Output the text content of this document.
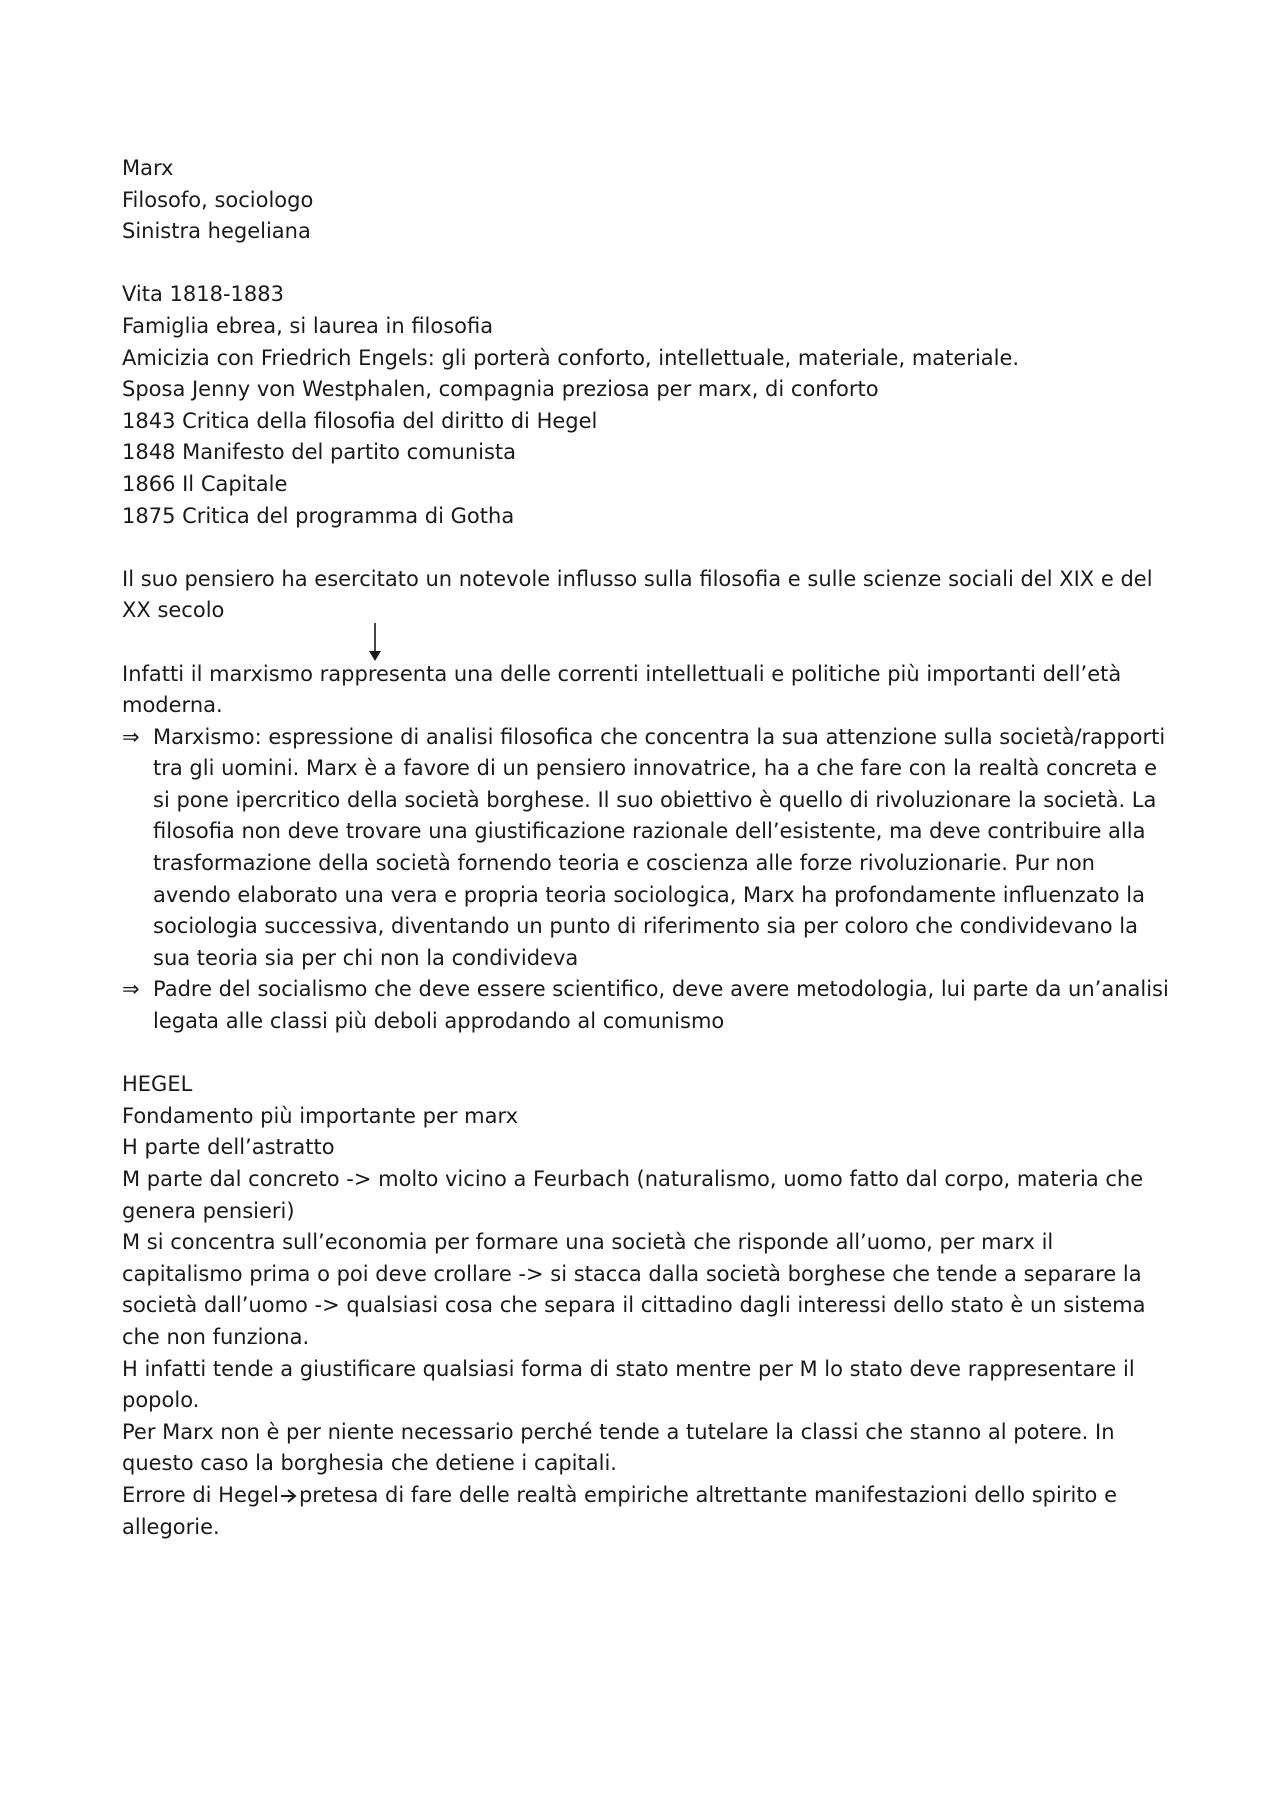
Marx
Filosofo, sociologo
Sinistra hegeliana
Vita 1818-1883
Famiglia ebrea, si laurea in filosofia
Amicizia con Friedrich Engels: gli porterà conforto, intellettuale, materiale, materiale.
Sposa Jenny von Westphalen, compagnia preziosa per marx, di conforto
1843 Critica della filosofia del diritto di Hegel
1848 Manifesto del partito comunista
1866 Il Capitale
1875 Critica del programma di Gotha
Il suo pensiero ha esercitato un notevole influsso sulla filosofia e sulle scienze sociali del XIX e del XX secolo
Infatti il marxismo rappresenta una delle correnti intellettuali e politiche più importanti dell’età moderna.
⇒ Marxismo: espressione di analisi filosofica che concentra la sua attenzione sulla società/rapporti tra gli uomini. Marx è a favore di un pensiero innovatrice, ha a che fare con la realtà concreta e si pone ipercritico della società borghese. Il suo obiettivo è quello di rivoluzionare la società. La filosofia non deve trovare una giustificazione razionale dell’esistente, ma deve contribuire alla trasformazione della società fornendo teoria e coscienza alle forze rivoluzionarie. Pur non avendo elaborato una vera e propria teoria sociologica, Marx ha profondamente influenzato la sociologia successiva, diventando un punto di riferimento sia per coloro che condividevano la sua teoria sia per chi non la condivideva
⇒ Padre del socialismo che deve essere scientifico, deve avere metodologia, lui parte da un’analisi legata alle classi più deboli approdando al comunismo
HEGEL
Fondamento più importante per marx
H parte dell’astratto
M parte dal concreto -> molto vicino a Feurbach (naturalismo, uomo fatto dal corpo, materia che genera pensieri)
M si concentra sull’economia per formare una società che risponde all’uomo, per marx il capitalismo prima o poi deve crollare -> si stacca dalla società borghese che tende a separare la società dall’uomo -> qualsiasi cosa che separa il cittadino dagli interessi dello stato è un sistema che non funziona.
H infatti tende a giustificare qualsiasi forma di stato mentre per M lo stato deve rappresentare il popolo.
Per Marx non è per niente necessario perché tende a tutelare la classi che stanno al potere. In questo caso la borghesia che detiene i capitali.
Errore di Hegel pretesa di fare delle realtà empiriche altrettante manifestazioni dello spirito e allegorie.
